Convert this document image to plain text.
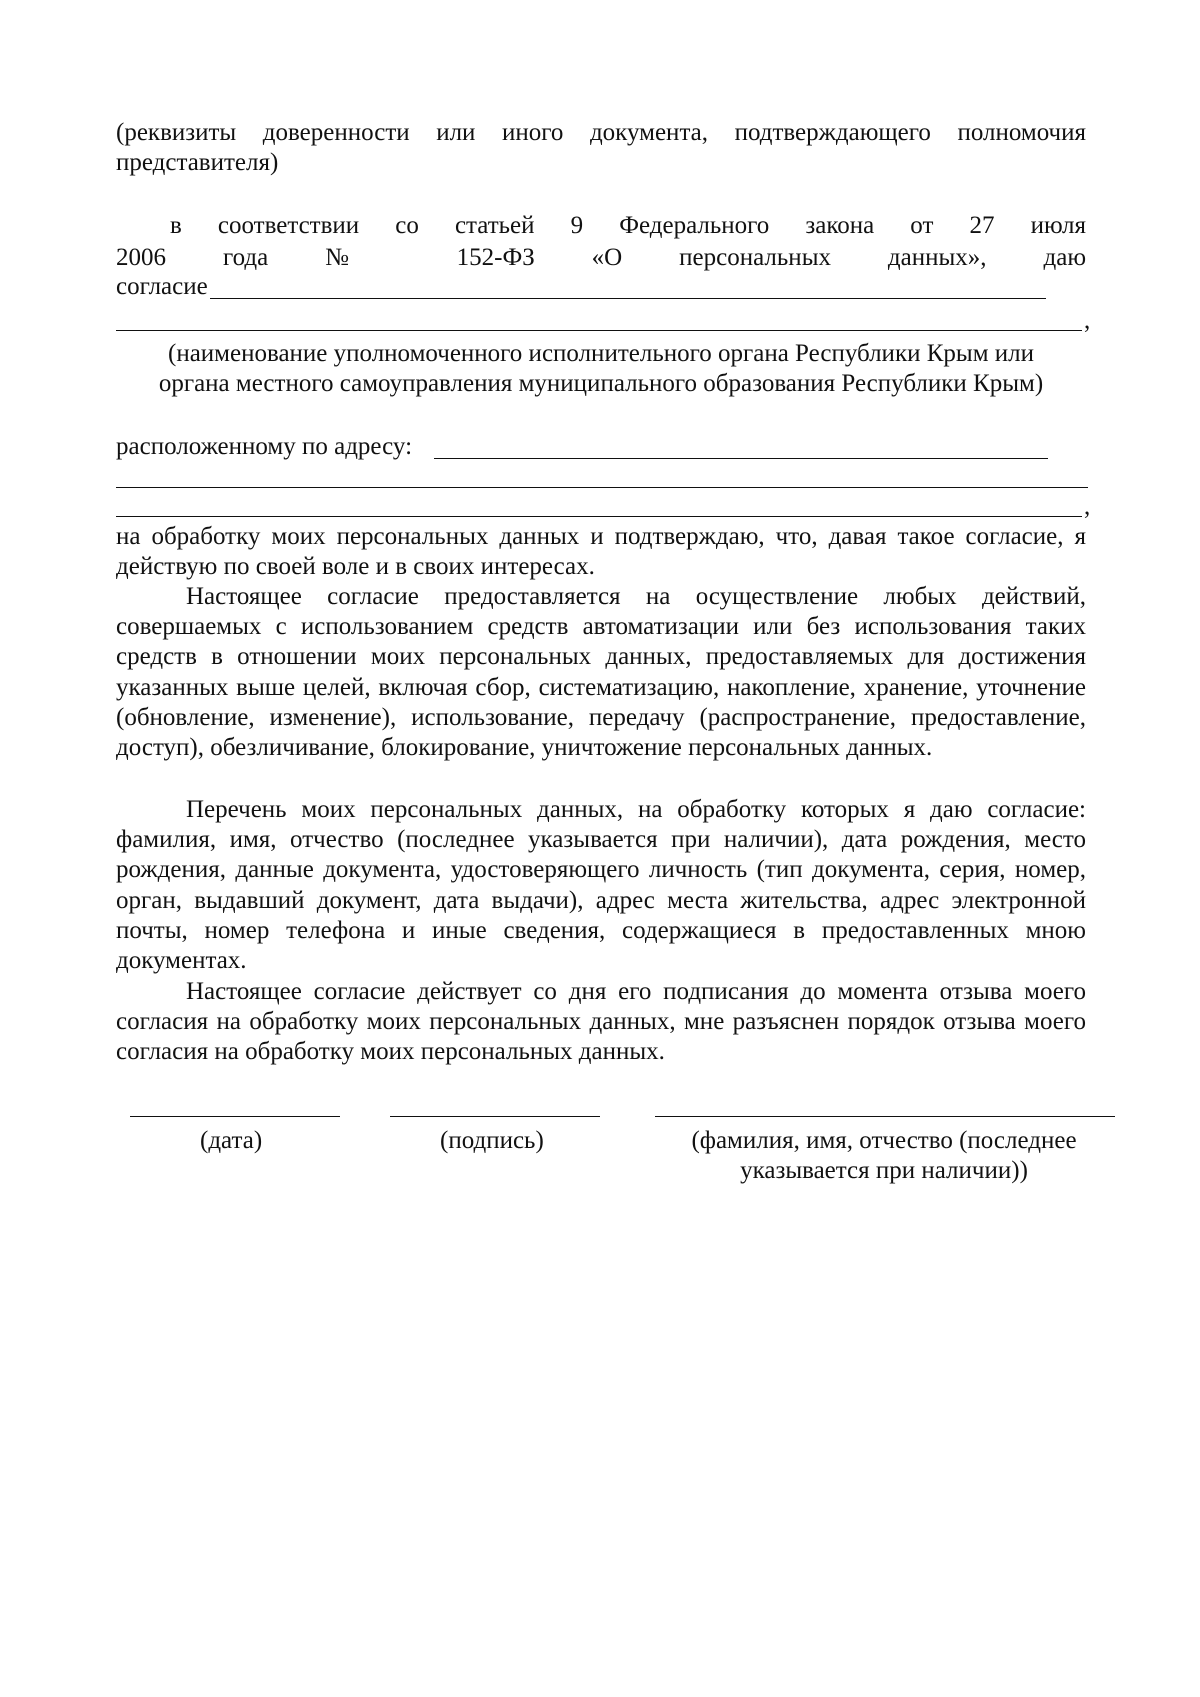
(реквизиты доверенности или иного документа, подтверждающего полномочия
представителя)
в соответствии со статьей 9 Федерального закона от 27 июля
2006 года № 152-ФЗ «О персональных данных», даю
согласие
,
(наименование уполномоченного исполнительного органа Республики Крым или
органа местного самоуправления муниципального образования Республики Крым)
расположенному по адресу:
,
на обработку моих персональных данных и подтверждаю, что, давая такое согласие, я действую по своей воле и в своих интересах.
Настоящее согласие предоставляется на осуществление любых действий, совершаемых с использованием средств автоматизации или без использования таких средств в отношении моих персональных данных, предоставляемых для достижения указанных выше целей, включая сбор, систематизацию, накопление, хранение, уточнение (обновление, изменение), использование, передачу (распространение, предоставление, доступ), обезличивание, блокирование, уничтожение персональных данных.
Перечень моих персональных данных, на обработку которых я даю согласие: фамилия, имя, отчество (последнее указывается при наличии), дата рождения, место рождения, данные документа, удостоверяющего личность (тип документа, серия, номер, орган, выдавший документ, дата выдачи), адрес места жительства, адрес электронной почты, номер телефона и иные сведения, содержащиеся в предоставленных мною документах.
Настоящее согласие действует со дня его подписания до момента отзыва моего согласия на обработку моих персональных данных, мне разъяснен порядок отзыва моего согласия на обработку моих персональных данных.
(дата)	(подпись)	(фамилия, имя, отчество (последнее
указывается при наличии))
